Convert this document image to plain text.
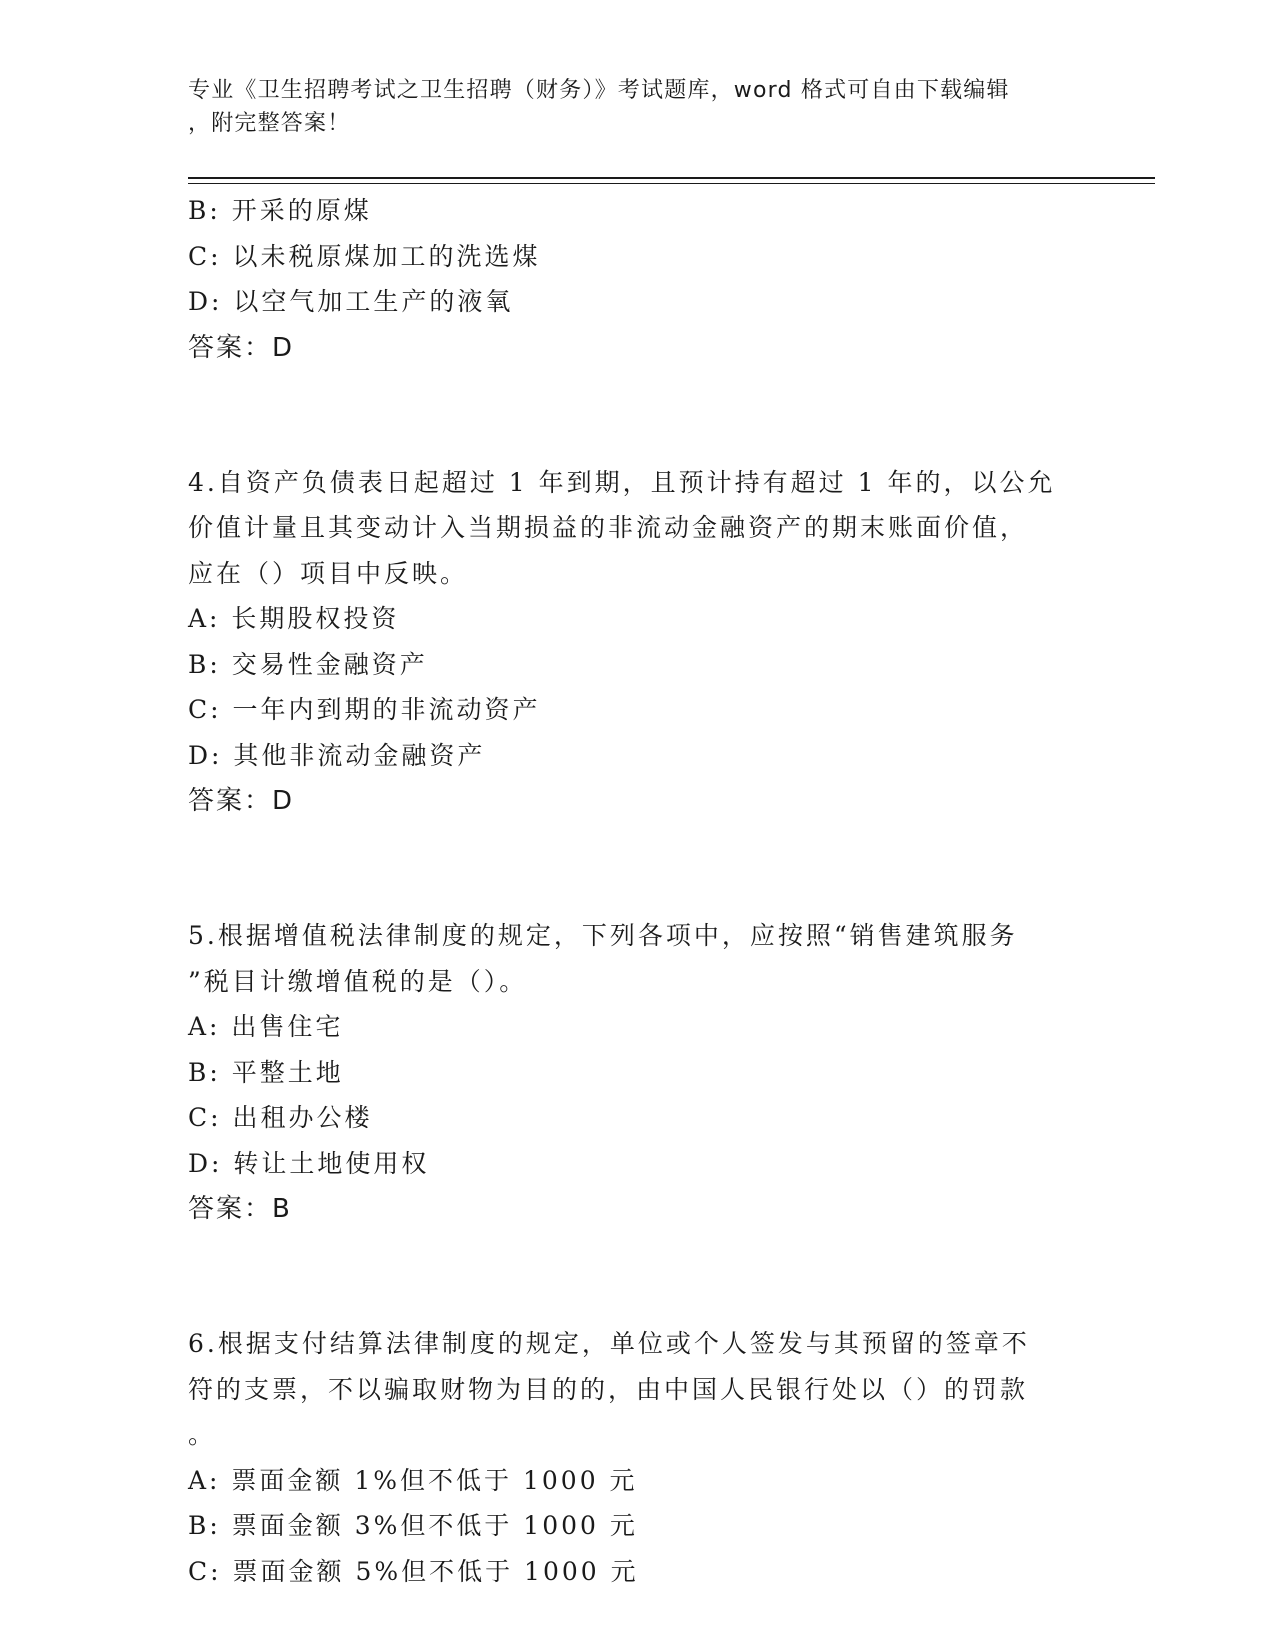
专业《卫生招聘考试之卫生招聘（财务）》考试题库，word 格式可自由下载编辑
，附完整答案！
B: 开采的原煤
C: 以未税原煤加工的洗选煤
D: 以空气加工生产的液氧
答案：D
4.自资产负债表日起超过 1 年到期，且预计持有超过 1 年的，以公允
价值计量且其变动计入当期损益的非流动金融资产的期末账面价值，
应在（）项目中反映。
A: 长期股权投资
B: 交易性金融资产
C: 一年内到期的非流动资产
D: 其他非流动金融资产
答案：D
5.根据增值税法律制度的规定，下列各项中，应按照“销售建筑服务
”税目计缴增值税的是（）。
A: 出售住宅
B: 平整土地
C: 出租办公楼
D: 转让土地使用权
答案：B
6.根据支付结算法律制度的规定，单位或个人签发与其预留的签章不
符的支票，不以骗取财物为目的的，由中国人民银行处以（）的罚款
。
A: 票面金额 1%但不低于 1000 元
B: 票面金额 3%但不低于 1000 元
C: 票面金额 5%但不低于 1000 元
